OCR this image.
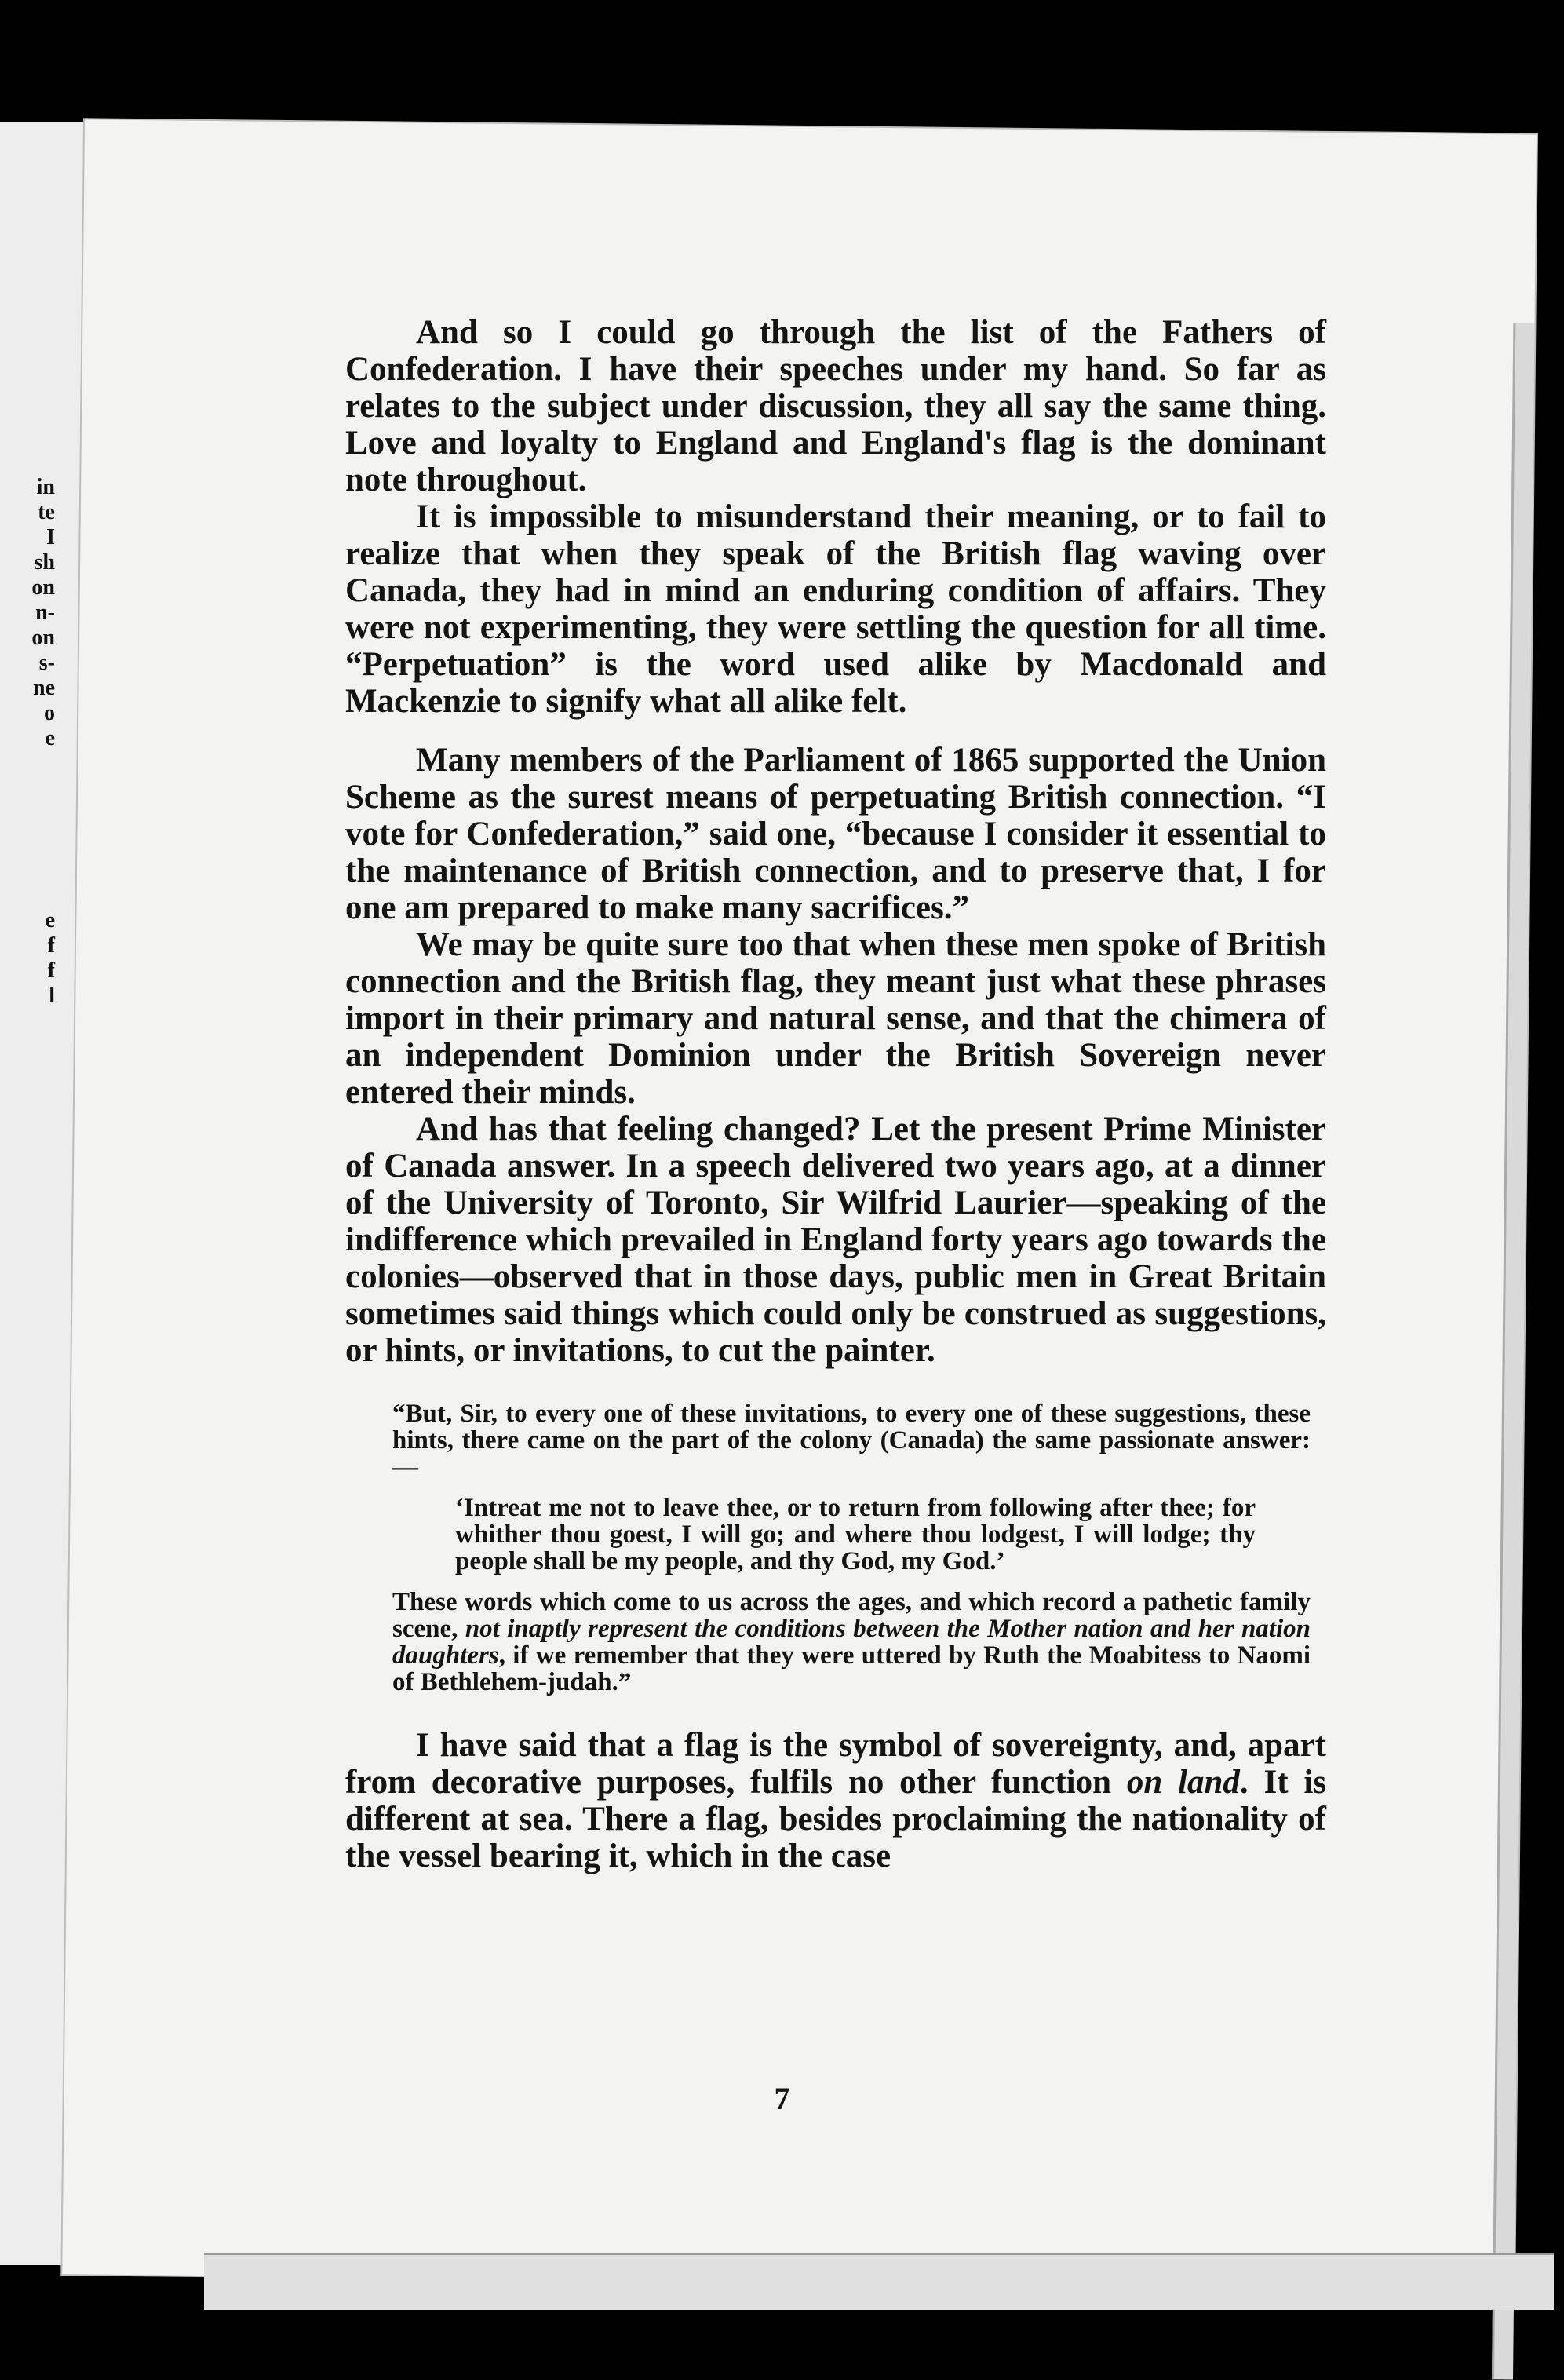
in
te
I
sh
on
n-
on
s-
ne
o
e
e
f
f
l

And so I could go through the list of the Fathers of Confederation. I have their speeches under my hand. So far as relates to the subject under discussion, they all say the same thing. Love and loyalty to England and England's flag is the dominant note throughout.

It is impossible to misunderstand their meaning, or to fail to realize that when they speak of the British flag waving over Canada, they had in mind an enduring condition of affairs. They were not experimenting, they were settling the question for all time. “Perpetuation” is the word used alike by Macdonald and Mackenzie to signify what all alike felt.

Many members of the Parliament of 1865 supported the Union Scheme as the surest means of perpetuating British connection. “I vote for Confederation,” said one, “because I consider it essential to the maintenance of British connection, and to preserve that, I for one am prepared to make many sacrifices.”

We may be quite sure too that when these men spoke of British connection and the British flag, they meant just what these phrases import in their primary and natural sense, and that the chimera of an independent Dominion under the British Sovereign never entered their minds.

And has that feeling changed? Let the present Prime Minister of Canada answer. In a speech delivered two years ago, at a dinner of the University of Toronto, Sir Wilfrid Laurier—speaking of the indifference which prevailed in England forty years ago towards the colonies—observed that in those days, public men in Great Britain sometimes said things which could only be construed as suggestions, or hints, or invitations, to cut the painter.

“But, Sir, to every one of these invitations, to every one of these suggestions, these hints, there came on the part of the colony (Canada) the same passionate answer:—

‘Intreat me not to leave thee, or to return from following after thee; for whither thou goest, I will go; and where thou lodgest, I will lodge; thy people shall be my people, and thy God, my God.’

These words which come to us across the ages, and which record a pathetic family scene, not inaptly represent the conditions between the Mother nation and her nation daughters, if we remember that they were uttered by Ruth the Moabitess to Naomi of Bethlehem-judah.”

I have said that a flag is the symbol of sovereignty, and, apart from decorative purposes, fulfils no other function on land. It is different at sea. There a flag, besides proclaiming the nationality of the vessel bearing it, which in the case

7
